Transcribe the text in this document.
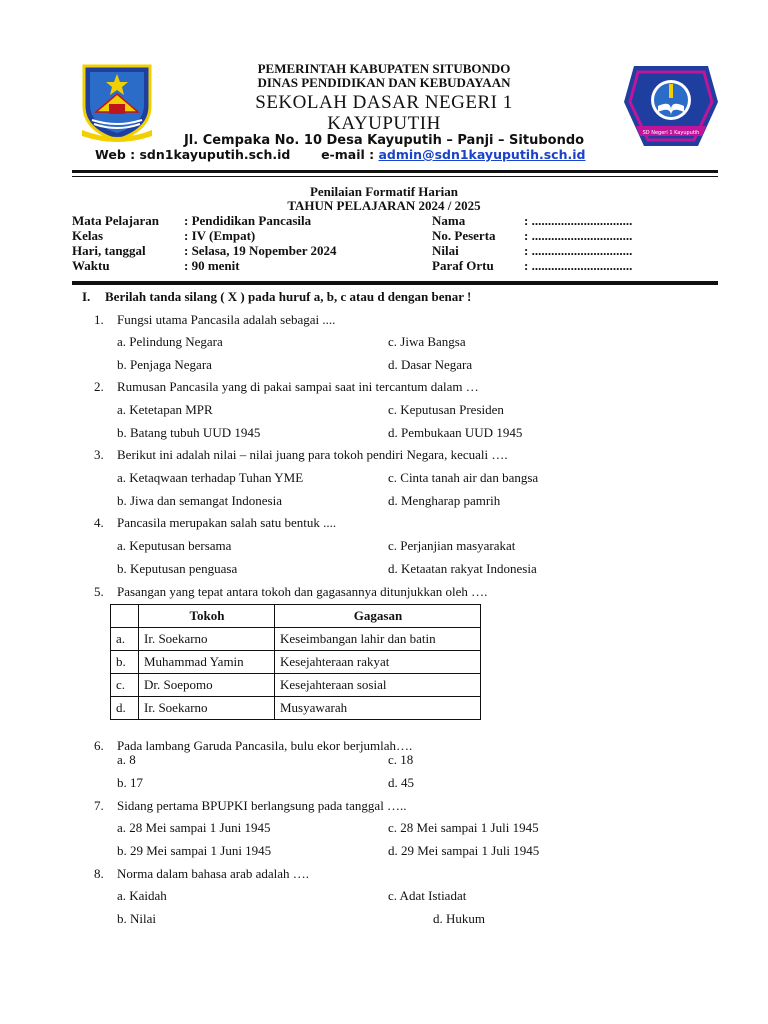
SD Negeri 1 Kayuputih
PEMERINTAH KABUPATEN SITUBONDO
DINAS PENDIDIKAN DAN KEBUDAYAAN
SEKOLAH DASAR NEGERI 1
KAYUPUTIH
Jl. Cempaka No. 10 Desa Kayuputih – Panji – Situbondo
Web : sdn1kayuputih.sch.id e-mail : admin@sdn1kayuputih.sch.id
Penilaian Formatif Harian
TAHUN PELAJARAN 2024 / 2025
Mata Pelajaran : Pendidikan Pancasila	Nama	: ...............................
Kelas	: IV (Empat)	No. Peserta : ...............................
Hari, tanggal	: Selasa, 19 Nopember 2024	Nilai	: ...............................
Waktu	: 90 menit	Paraf Ortu : ...............................
I. Berilah tanda silang ( X ) pada huruf a, b, c atau d dengan benar !
1. Fungsi utama Pancasila adalah sebagai ....
a. Pelindung Negara	c. Jiwa Bangsa
b. Penjaga Negara	d. Dasar Negara
2. Rumusan Pancasila yang di pakai sampai saat ini tercantum dalam …
a. Ketetapan MPR	c. Keputusan Presiden
b. Batang tubuh UUD 1945	d. Pembukaan UUD 1945
3. Berikut ini adalah nilai – nilai juang para tokoh pendiri Negara, kecuali ….
a. Ketaqwaan terhadap Tuhan YME	c. Cinta tanah air dan bangsa
b. Jiwa dan semangat Indonesia	d. Mengharap pamrih
4. Pancasila merupakan salah satu bentuk ....
a. Keputusan bersama	c. Perjanjian masyarakat
b. Keputusan penguasa	d. Ketaatan rakyat Indonesia
5. Pasangan yang tepat antara tokoh dan gagasannya ditunjukkan oleh ….
	Tokoh	Gagasan
a.	Ir. Soekarno	Keseimbangan lahir dan batin
b.	Muhammad Yamin	Kesejahteraan rakyat
c.	Dr. Soepomo	Kesejahteraan sosial
d.	Ir. Soekarno	Musyawarah
6. Pada lambang Garuda Pancasila, bulu ekor berjumlah….
a. 8	c. 18
b. 17	d. 45
7. Sidang pertama BPUPKI berlangsung pada tanggal …..
a. 28 Mei sampai 1 Juni 1945	c. 28 Mei sampai 1 Juli 1945
b. 29 Mei sampai 1 Juni 1945	d. 29 Mei sampai 1 Juli 1945
8. Norma dalam bahasa arab adalah ….
a. Kaidah	c. Adat Istiadat
b. Nilai	d. Hukum
